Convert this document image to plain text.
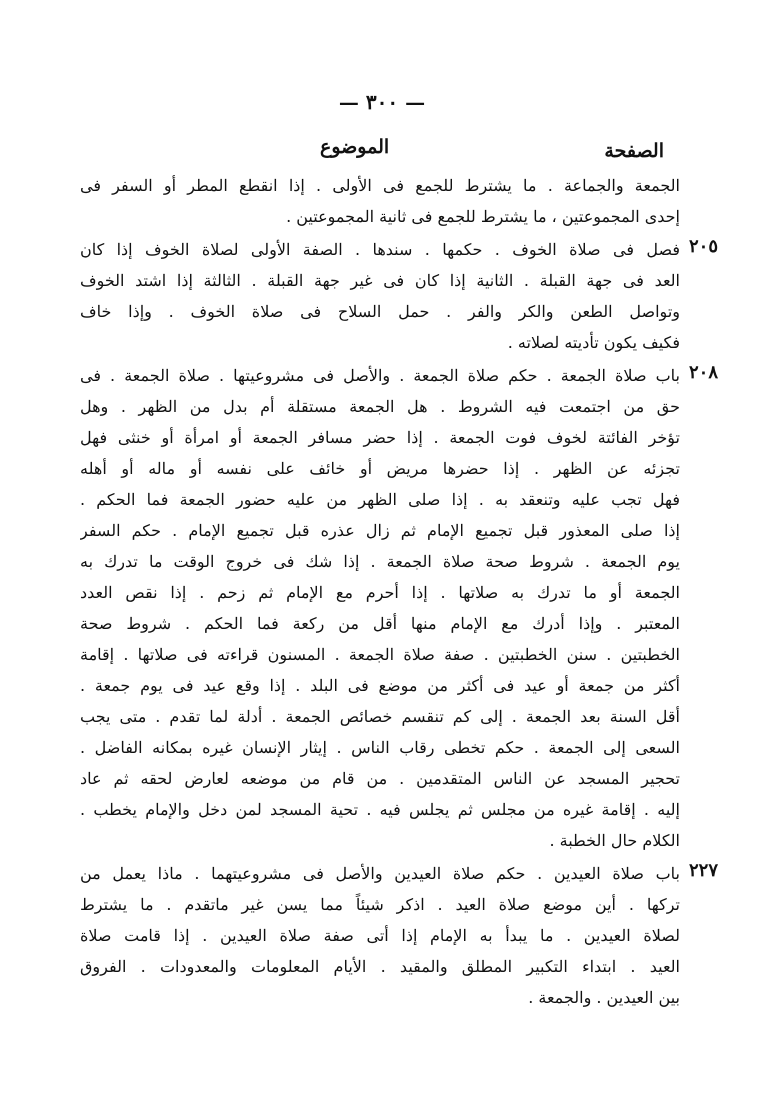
— ٣٠٠ —
الصفحة
الموضوع
الجمعة والجماعة . ما يشترط للجمع فى الأولى . إذا انقطع المطر أو السفر فى
إحدى المجموعتين ، ما يشترط للجمع فى ثانية المجموعتين .
٢٠٥
فصل فى صلاة الخوف . حكمها . سندها . الصفة الأولى لصلاة الخوف إذا كان
العد فى جهة القبلة . الثانية إذا كان فى غير جهة القبلة . الثالثة إذا اشتد الخوف
وتواصل الطعن والكر والفر . حمل السلاح فى صلاة الخوف . وإذا خاف
فكيف يكون تأديته لصلاته .
٢٠٨
باب صلاة الجمعة . حكم صلاة الجمعة . والأصل فى مشروعيتها . صلاة الجمعة . فى
حق من اجتمعت فيه الشروط . هل الجمعة مستقلة أم بدل من الظهر . وهل
تؤخر الفائتة لخوف فوت الجمعة . إذا حضر مسافر الجمعة أو امرأة أو خنثى فهل
تجزئه عن الظهر . إذا حضرها مريض أو خائف على نفسه أو ماله أو أهله
فهل تجب عليه وتنعقد به . إذا صلى الظهر من عليه حضور الجمعة فما الحكم .
إذا صلى المعذور قبل تجميع الإمام ثم زال عذره قبل تجميع الإمام . حكم السفر
يوم الجمعة . شروط صحة صلاة الجمعة . إذا شك فى خروج الوقت ما تدرك به
الجمعة أو ما تدرك به صلاتها . إذا أحرم مع الإمام ثم زحم . إذا نقص العدد
المعتبر . وإذا أدرك مع الإمام منها أقل من ركعة فما الحكم . شروط صحة
الخطبتين . سنن الخطبتين . صفة صلاة الجمعة . المسنون قراءته فى صلاتها . إقامة
أكثر من جمعة أو عيد فى أكثر من موضع فى البلد . إذا وقع عيد فى يوم جمعة .
أقل السنة بعد الجمعة . إلى كم تنقسم خصائص الجمعة . أدلة لما تقدم . متى يجب
السعى إلى الجمعة . حكم تخطى رقاب الناس . إيثار الإنسان غيره بمكانه الفاضل .
تحجير المسجد عن الناس المتقدمين . من قام من موضعه لعارض لحقه ثم عاد
إليه . إقامة غيره من مجلس ثم يجلس فيه . تحية المسجد لمن دخل والإمام يخطب .
الكلام حال الخطبة .
٢٢٧
باب صلاة العيدين . حكم صلاة العيدين والأصل فى مشروعيتهما . ماذا يعمل من
تركها . أين موضع صلاة العيد . اذكر شيئاً مما يسن غير ماتقدم . ما يشترط
لصلاة العيدين . ما يبدأ به الإمام إذا أتى صفة صلاة العيدين . إذا قامت صلاة
العيد . ابتداء التكبير المطلق والمقيد . الأيام المعلومات والمعدودات . الفروق
بين العيدين . والجمعة .
